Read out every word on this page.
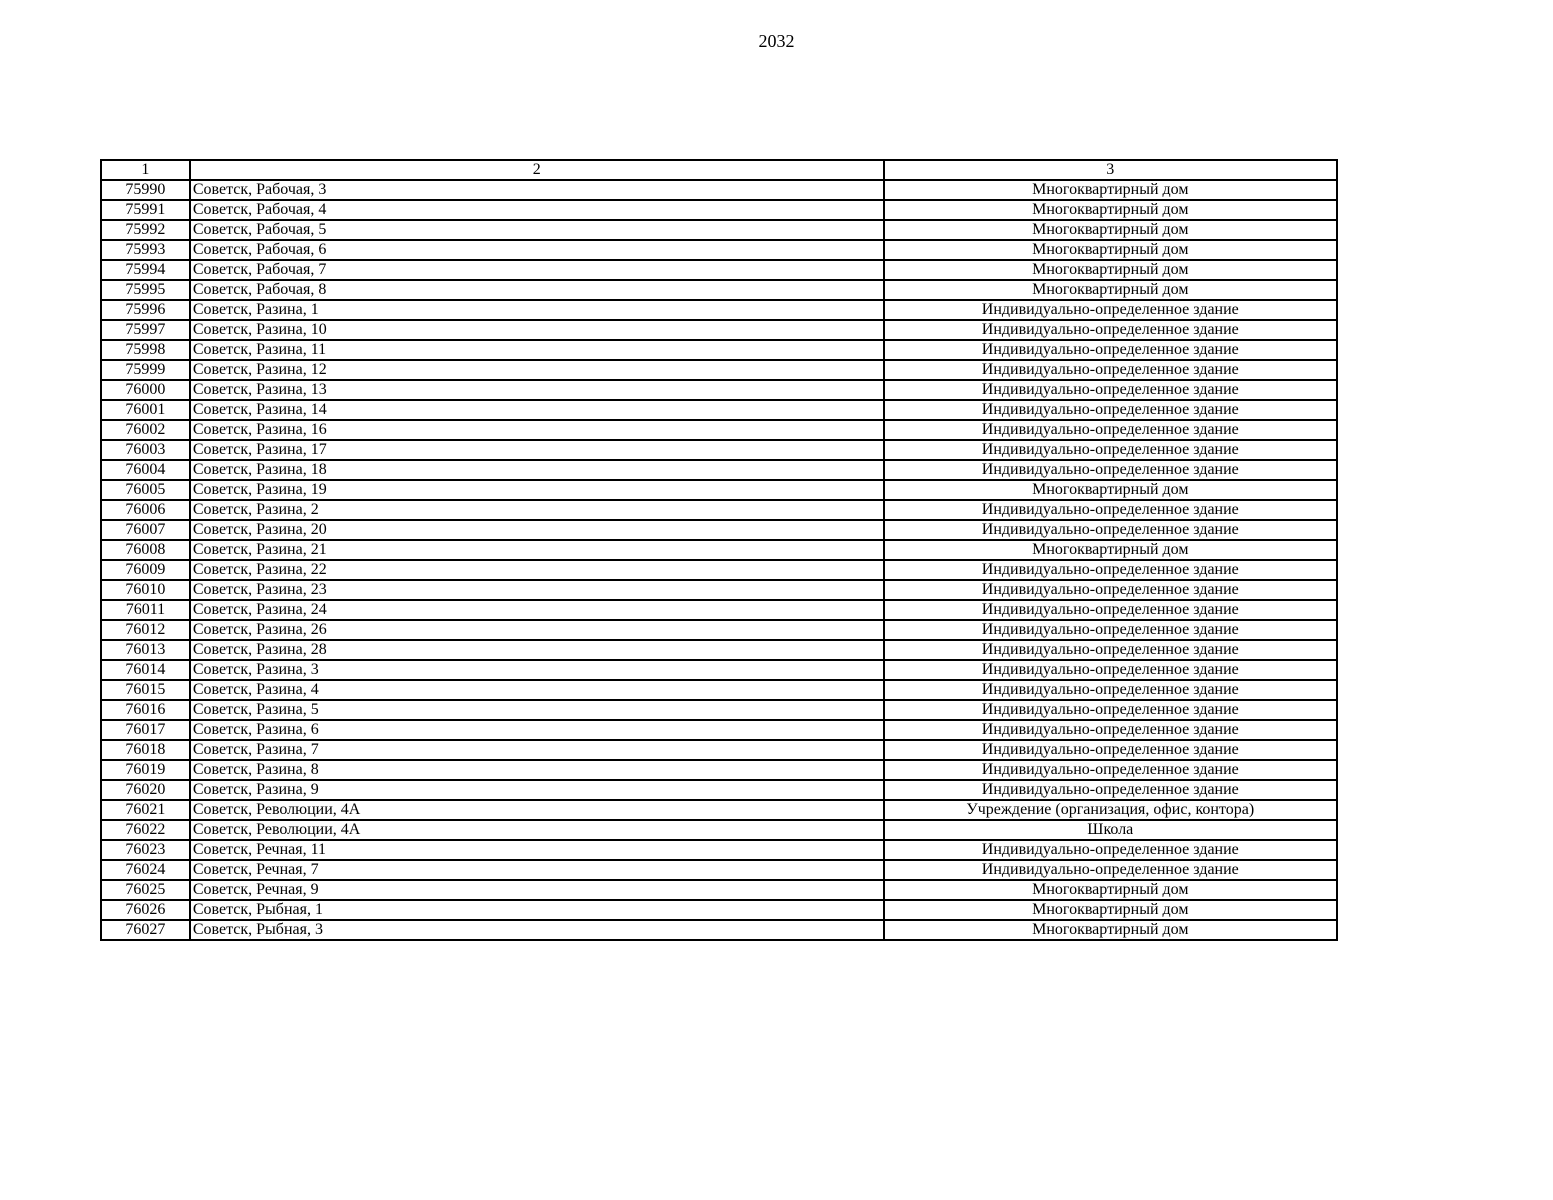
2032
1	2	3
75990	Советск, Рабочая, 3	Многоквартирный дом
75991	Советск, Рабочая, 4	Многоквартирный дом
75992	Советск, Рабочая, 5	Многоквартирный дом
75993	Советск, Рабочая, 6	Многоквартирный дом
75994	Советск, Рабочая, 7	Многоквартирный дом
75995	Советск, Рабочая, 8	Многоквартирный дом
75996	Советск, Разина, 1	Индивидуально-определенное здание
75997	Советск, Разина, 10	Индивидуально-определенное здание
75998	Советск, Разина, 11	Индивидуально-определенное здание
75999	Советск, Разина, 12	Индивидуально-определенное здание
76000	Советск, Разина, 13	Индивидуально-определенное здание
76001	Советск, Разина, 14	Индивидуально-определенное здание
76002	Советск, Разина, 16	Индивидуально-определенное здание
76003	Советск, Разина, 17	Индивидуально-определенное здание
76004	Советск, Разина, 18	Индивидуально-определенное здание
76005	Советск, Разина, 19	Многоквартирный дом
76006	Советск, Разина, 2	Индивидуально-определенное здание
76007	Советск, Разина, 20	Индивидуально-определенное здание
76008	Советск, Разина, 21	Многоквартирный дом
76009	Советск, Разина, 22	Индивидуально-определенное здание
76010	Советск, Разина, 23	Индивидуально-определенное здание
76011	Советск, Разина, 24	Индивидуально-определенное здание
76012	Советск, Разина, 26	Индивидуально-определенное здание
76013	Советск, Разина, 28	Индивидуально-определенное здание
76014	Советск, Разина, 3	Индивидуально-определенное здание
76015	Советск, Разина, 4	Индивидуально-определенное здание
76016	Советск, Разина, 5	Индивидуально-определенное здание
76017	Советск, Разина, 6	Индивидуально-определенное здание
76018	Советск, Разина, 7	Индивидуально-определенное здание
76019	Советск, Разина, 8	Индивидуально-определенное здание
76020	Советск, Разина, 9	Индивидуально-определенное здание
76021	Советск, Революции, 4А	Учреждение (организация, офис, контора)
76022	Советск, Революции, 4А	Школа
76023	Советск, Речная, 11	Индивидуально-определенное здание
76024	Советск, Речная, 7	Индивидуально-определенное здание
76025	Советск, Речная, 9	Многоквартирный дом
76026	Советск, Рыбная, 1	Многоквартирный дом
76027	Советск, Рыбная, 3	Многоквартирный дом
